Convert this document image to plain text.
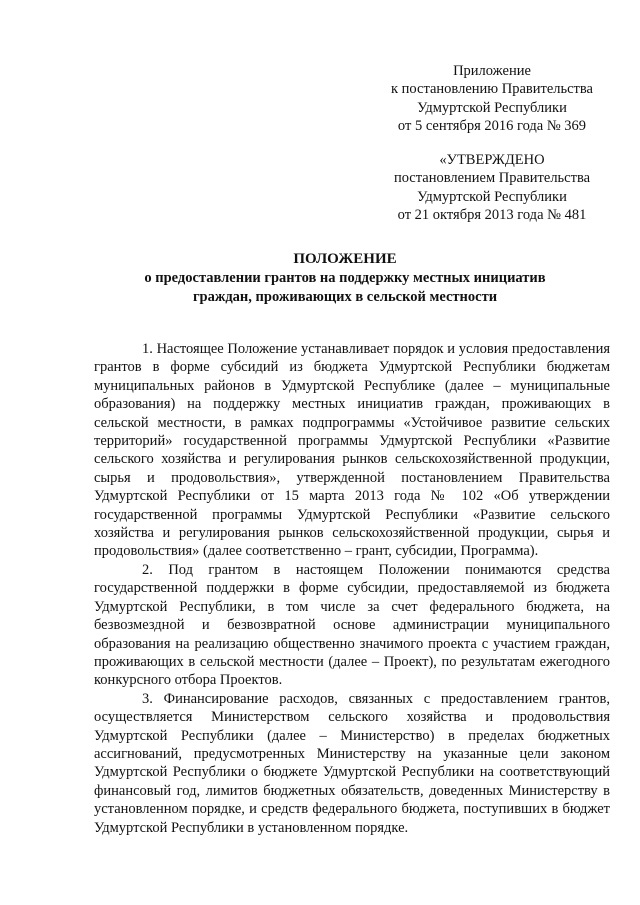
Приложение
к постановлению Правительства
Удмуртской Республики
от 5 сентября 2016 года № 369
«УТВЕРЖДЕНО
постановлением Правительства
Удмуртской Республики
от 21 октября 2013 года № 481
ПОЛОЖЕНИЕ
о предоставлении грантов на поддержку местных инициатив
граждан, проживающих в сельской местности

1. Настоящее Положение устанавливает порядок и условия предоставления грантов в форме субсидий из бюджета Удмуртской Республики бюджетам муниципальных районов в Удмуртской Республике (далее – муниципальные образования) на поддержку местных инициатив граждан, проживающих в сельской местности, в рамках подпрограммы «Устойчивое развитие сельских территорий» государственной программы Удмуртской Республики «Развитие сельского хозяйства и регулирования рынков сельскохозяйственной продукции, сырья и продовольствия», утвержденной постановлением Правительства Удмуртской Республики от 15 марта 2013 года № 102 «Об утверждении государственной программы Удмуртской Республики «Развитие сельского хозяйства и регулирования рынков сельскохозяйственной продукции, сырья и продовольствия» (далее соответственно – грант, субсидии, Программа).

2. Под грантом в настоящем Положении понимаются средства государственной поддержки в форме субсидии, предоставляемой из бюджета Удмуртской Республики, в том числе за счет федерального бюджета, на безвозмездной и безвозвратной основе администрации муниципального образования на реализацию общественно значимого проекта с участием граждан, проживающих в сельской местности (далее – Проект), по результатам ежегодного конкурсного отбора Проектов.

3. Финансирование расходов, связанных с предоставлением грантов, осуществляется Министерством сельского хозяйства и продовольствия Удмуртской Республики (далее – Министерство) в пределах бюджетных ассигнований, предусмотренных Министерству на указанные цели законом Удмуртской Республики о бюджете Удмуртской Республики на соответствующий финансовый год, лимитов бюджетных обязательств, доведенных Министерству в установленном порядке, и средств федерального бюджета, поступивших в бюджет Удмуртской Республики в установленном порядке.
